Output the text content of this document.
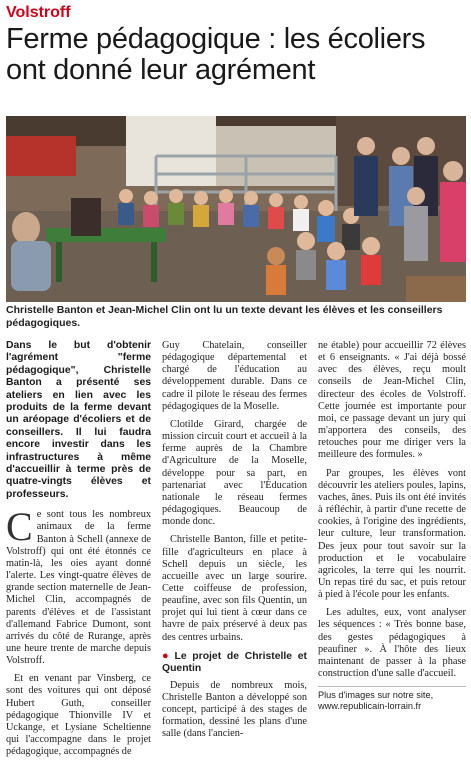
Volstroff
Ferme pédagogique : les écoliers ont donné leur agrément
Christelle Banton et Jean-Michel Clin ont lu un texte devant les élèves et les conseillers pédagogiques.
Dans le but d'obtenir l'agrément "ferme pédagogique", Christelle Banton a présenté ses ateliers en lien avec les produits de la ferme devant un aréopage d'écoliers et de conseillers. Il lui faudra encore investir dans les infrastructures à même d'accueillir à terme près de quatre-vingts élèves et professeurs.

Ce sont tous les nombreux animaux de la ferme Banton à Schell (annexe de Volstroff) qui ont été étonnés ce matin-là, les oies ayant donné l'alerte. Les vingt-quatre élèves de grande section maternelle de Jean-Michel Clin, accompagnés de parents d'élèves et de l'assistant d'allemand Fabrice Dumont, sont arrivés du côté de Rurange, après une heure trente de marche depuis Volstroff.

Et en venant par Vinsberg, ce sont des voitures qui ont déposé Hubert Guth, conseiller pédagogique Thionville IV et Uckange, et Lysiane Scheltienne qui l'accompagne dans le projet pédagogique, accompagnés de

Guy Chatelain, conseiller pédagogique départemental et chargé de l'éducation au développement durable. Dans ce cadre il pilote le réseau des fermes pédagogiques de la Moselle.

Clotilde Girard, chargée de mission circuit court et accueil à la ferme auprès de la Chambre d'Agriculture de la Moselle, développe pour sa part, en partenariat avec l'Éducation nationale le réseau fermes pédagogiques. Beaucoup de monde donc.

Christelle Banton, fille et petite-fille d'agriculteurs en place à Schell depuis un siècle, les accueille avec un large sourire. Cette coiffeuse de profession, peaufine, avec son fils Quentin, un projet qui lui tient à cœur dans ce havre de paix préservé à deux pas des centres urbains.

● Le projet de Christelle et Quentin

Depuis de nombreux mois, Christelle Banton a développé son concept, participé à des stages de formation, dessiné les plans d'une salle (dans l'ancien-

ne étable) pour accueillir 72 élèves et 6 enseignants. « J'ai déjà bossé avec des élèves, reçu moult conseils de Jean-Michel Clin, directeur des écoles de Volstroff. Cette journée est importante pour moi, ce passage devant un jury qui m'apportera des conseils, des retouches pour me diriger vers la meilleure des formules. »

Par groupes, les élèves vont découvrir les ateliers poules, lapins, vaches, ânes. Puis ils ont été invités à réfléchir, à partir d'une recette de cookies, à l'origine des ingrédients, leur culture, leur transformation. Des jeux pour tout savoir sur la production et le vocabulaire agricoles, la terre qui les nourrit. Un repas tiré du sac, et puis retour à pied à l'école pour les enfants.

Les adultes, eux, vont analyser les séquences : « Très bonne base, des gestes pédagogiques à peaufiner ». À l'hôte des lieux maintenant de passer à la phase construction d'une salle d'accueil.

Plus d'images sur notre site, www.republicain-lorrain.fr
